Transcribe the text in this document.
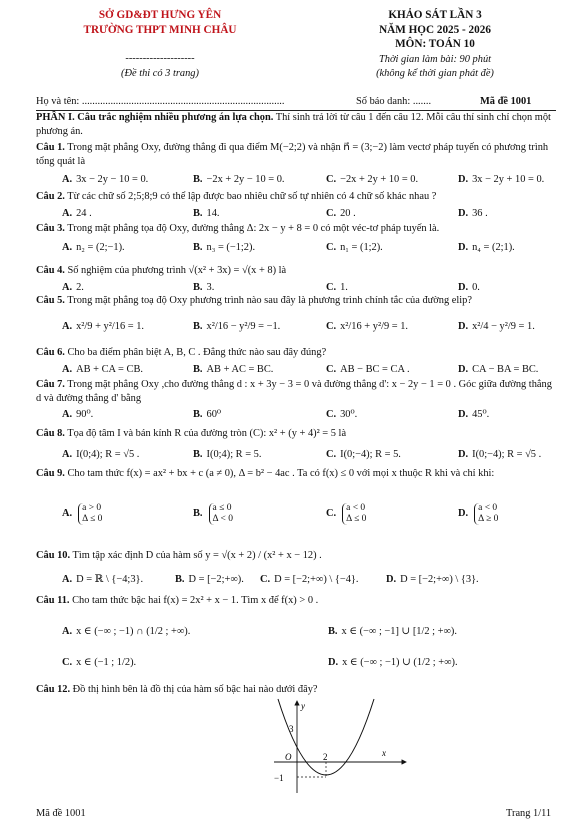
SỞ GD&ĐT HƯNG YÊN
TRƯỜNG THPT MINH CHÂU
--------------------
(Đề thi có 3 trang)
KHẢO SÁT LẦN 3
NĂM HỌC 2025 - 2026
MÔN: TOÁN 10
Thời gian làm bài: 90 phút
(không kể thời gian phát đề)
Họ và tên: ..............................................................................	Số báo danh: .......	Mã đề 1001
PHẦN I. Câu trắc nghiệm nhiều phương án lựa chọn. Thí sinh trả lời từ câu 1 đến câu 12. Mỗi câu thí sinh chỉ chọn một phương án.
Câu 1. Trong mặt phẳng Oxy, đường thẳng đi qua điểm M(−2;2) và nhận n⃗ = (3;−2) làm vectơ pháp tuyến có phương trình tổng quát là
A. 3x − 2y − 10 = 0.	B. −2x + 2y − 10 = 0.	C. −2x + 2y + 10 = 0.	D. 3x − 2y + 10 = 0.
Câu 2. Từ các chữ số 2;5;8;9 có thể lập được bao nhiêu chữ số tự nhiên có 4 chữ số khác nhau ?
A. 24 .	B. 14.	C. 20 .	D. 36 .
Câu 3. Trong mặt phẳng tọa độ Oxy, đường thẳng Δ: 2x − y + 8 = 0 có một véc-tơ pháp tuyến là.
A. n₂ = (2;−1).	B. n₃ = (−1;2).	C. n₁ = (1;2).	D. n₄ = (2;1).
Câu 4. Số nghiệm của phương trình √(x² + 3x) = √(x + 8) là
A. 2.	B. 3.	C. 1.	D. 0.
Câu 5. Trong mặt phẳng toạ độ Oxy phương trình nào sau đây là phương trình chính tắc của đường elip?
A. x²/9 + y²/16 = 1.	B. x²/16 − y²/9 = −1.	C. x²/16 + y²/9 = 1.	D. x²/4 − y²/9 = 1.
Câu 6. Cho ba điểm phân biệt A, B, C . Đẳng thức nào sau đây đúng?
A. AB + CA = CB.	B. AB + AC = BC.	C. AB − BC = CA .	D. CA − BA = BC.
Câu 7. Trong mặt phẳng Oxy ,cho đường thẳng d : x + 3y − 3 = 0 và đường thẳng d': x − 2y − 1 = 0 . Góc giữa đường thẳng d và đường thẳng d' bằng
A. 90⁰.	B. 60⁰	C. 30⁰.	D. 45⁰.
Câu 8. Tọa độ tâm I và bán kính R của đường tròn (C): x² + (y + 4)² = 5 là
A. I(0;4); R = √5 .	B. I(0;4); R = 5.	C. I(0;−4); R = 5.	D. I(0;−4); R = √5 .
Câu 9. Cho tam thức f(x) = ax² + bx + c (a ≠ 0), Δ = b² − 4ac . Ta có f(x) ≤ 0 với mọi x thuộc R khi và chỉ khi:
A.
a > 0
Δ ≤ 0	B.
a ≤ 0
Δ < 0	C.
a < 0
Δ ≤ 0	D.
a < 0
Δ ≥ 0
Câu 10. Tìm tập xác định D của hàm số y = √(x + 2) / (x² + x − 12) .
A. D = ℝ \ {−4;3}.	B. D = [−2;+∞). C. D = [−2;+∞) \ {−4}.	D. D = [−2;+∞) \ {3}.
Câu 11. Cho tam thức bậc hai f(x) = 2x² + x − 1. Tìm x để f(x) > 0 .
A. x ∈ (−∞ ; −1) ∩ (1/2 ; +∞).	B. x ∈ (−∞ ; −1] ∪ [1/2 ; +∞).
C. x ∈ (−1 ; 1/2).	D. x ∈ (−∞ ; −1) ∪ (1/2 ; +∞).
Câu 12. Đồ thị hình bên là đồ thị của hàm số bậc hai nào dưới đây?
y
x
O
3
−1
2
Mã đề 1001	Trang 1/11
